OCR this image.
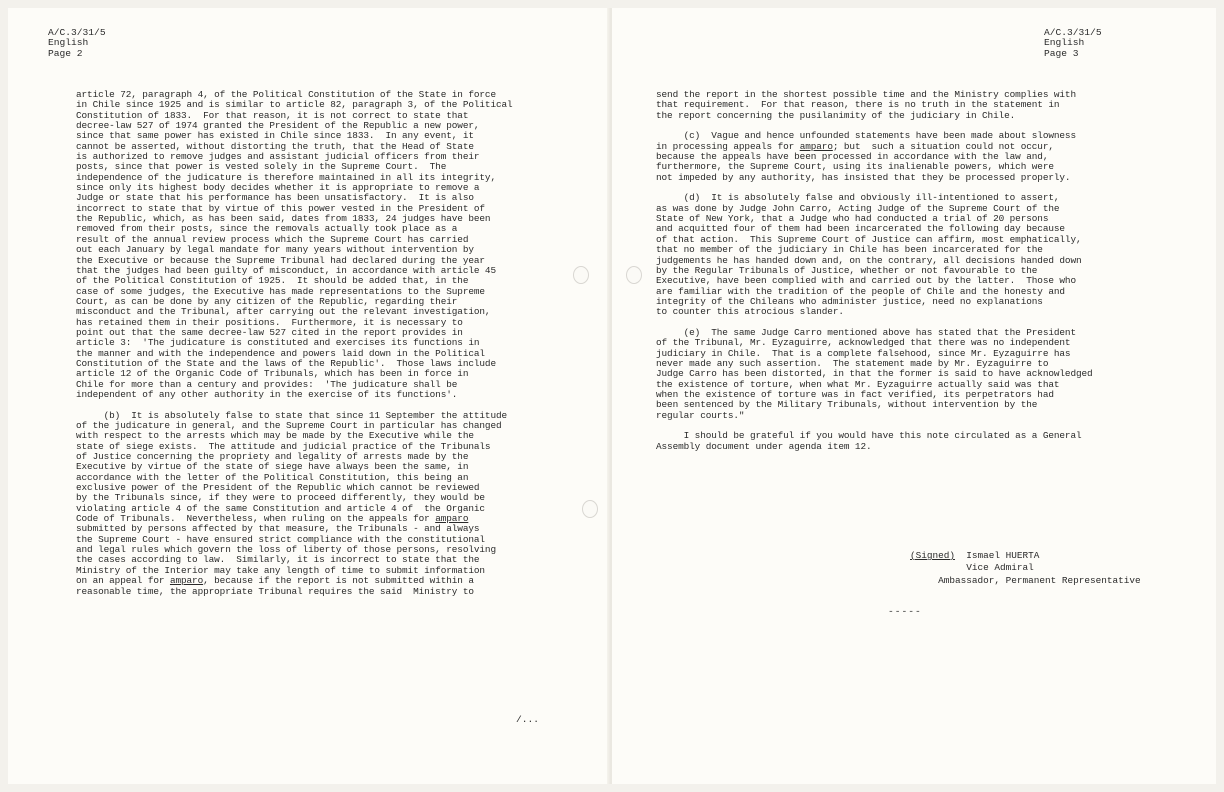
A/C.3/31/5
English
Page 2
article 72, paragraph 4, of the Political Constitution of the State in force
in Chile since 1925 and is similar to article 82, paragraph 3, of the Political
Constitution of 1833.  For that reason, it is not correct to state that
decree-law 527 of 1974 granted the President of the Republic a new power,
since that same power has existed in Chile since 1833.  In any event, it
cannot be asserted, without distorting the truth, that the Head of State
is authorized to remove judges and assistant judicial officers from their
posts, since that power is vested solely in the Supreme Court.  The
independence of the judicature is therefore maintained in all its integrity,
since only its highest body decides whether it is appropriate to remove a
Judge or state that his performance has been unsatisfactory.  It is also
incorrect to state that by virtue of this power vested in the President of
the Republic, which, as has been said, dates from 1833, 24 judges have been
removed from their posts, since the removals actually took place as a
result of the annual review process which the Supreme Court has carried
out each January by legal mandate for many years without intervention by
the Executive or because the Supreme Tribunal had declared during the year
that the judges had been guilty of misconduct, in accordance with article 45
of the Political Constitution of 1925.  It should be added that, in the
case of some judges, the Executive has made representations to the Supreme
Court, as can be done by any citizen of the Republic, regarding their
misconduct and the Tribunal, after carrying out the relevant investigation,
has retained them in their positions.  Furthermore, it is necessary to
point out that the same decree-law 527 cited in the report provides in
article 3:  'The judicature is constituted and exercises its functions in
the manner and with the independence and powers laid down in the Political
Constitution of the State and the laws of the Republic'.  Those laws include
article 12 of the Organic Code of Tribunals, which has been in force in
Chile for more than a century and provides:  'The judicature shall be
independent of any other authority in the exercise of its functions'.

(b)  It is absolutely false to state that since 11 September the attitude
of the judicature in general, and the Supreme Court in particular has changed
with respect to the arrests which may be made by the Executive while the
state of siege exists.  The attitude and judicial practice of the Tribunals
of Justice concerning the propriety and legality of arrests made by the
Executive by virtue of the state of siege have always been the same, in
accordance with the letter of the Political Constitution, this being an
exclusive power of the President of the Republic which cannot be reviewed
by the Tribunals since, if they were to proceed differently, they would be
violating article 4 of the same Constitution and article 4 of  the Organic
Code of Tribunals.  Nevertheless, when ruling on the appeals for amparo
submitted by persons affected by that measure, the Tribunals - and always
the Supreme Court - have ensured strict compliance with the constitutional
and legal rules which govern the loss of liberty of those persons, resolving
the cases according to law.  Similarly, it is incorrect to state that the
Ministry of the Interior may take any length of time to submit information
on an appeal for amparo, because if the report is not submitted within a
reasonable time, the appropriate Tribunal requires the said  Ministry to
/...
A/C.3/31/5
English
Page 3
send the report in the shortest possible time and the Ministry complies with
that requirement.  For that reason, there is no truth in the statement in
the report concerning the pusilanimity of the judiciary in Chile.

(c)  Vague and hence unfounded statements have been made about slowness
in processing appeals for amparo; but  such a situation could not occur,
because the appeals have been processed in accordance with the law and,
furthermore, the Supreme Court, using its inalienable powers, which were
not impeded by any authority, has insisted that they be processed properly.

(d)  It is absolutely false and obviously ill-intentioned to assert,
as was done by Judge John Carro, Acting Judge of the Supreme Court of the
State of New York, that a Judge who had conducted a trial of 20 persons
and acquitted four of them had been incarcerated the following day because
of that action.  This Supreme Court of Justice can affirm, most emphatically,
that no member of the judiciary in Chile has been incarcerated for the
judgements he has handed down and, on the contrary, all decisions handed down
by the Regular Tribunals of Justice, whether or not favourable to the
Executive, have been complied with and carried out by the latter.  Those who
are familiar with the tradition of the people of Chile and the honesty and
integrity of the Chileans who administer justice, need no explanations
to counter this atrocious slander.

(e)  The same Judge Carro mentioned above has stated that the President
of the Tribunal, Mr. Eyzaguirre, acknowledged that there was no independent
judiciary in Chile.  That is a complete falsehood, since Mr. Eyzaguirre has
never made any such assertion.  The statement made by Mr. Eyzaguirre to
Judge Carro has been distorted, in that the former is said to have acknowledged
the existence of torture, when what Mr. Eyzaguirre actually said was that
when the existence of torture was in fact verified, its perpetrators had
been sentenced by the Military Tribunals, without intervention by the
regular courts."

I should be grateful if you would have this note circulated as a General
Assembly document under agenda item 12.
(Signed) Ismael HUERTA
Vice Admiral
Ambassador, Permanent Representative
-----
